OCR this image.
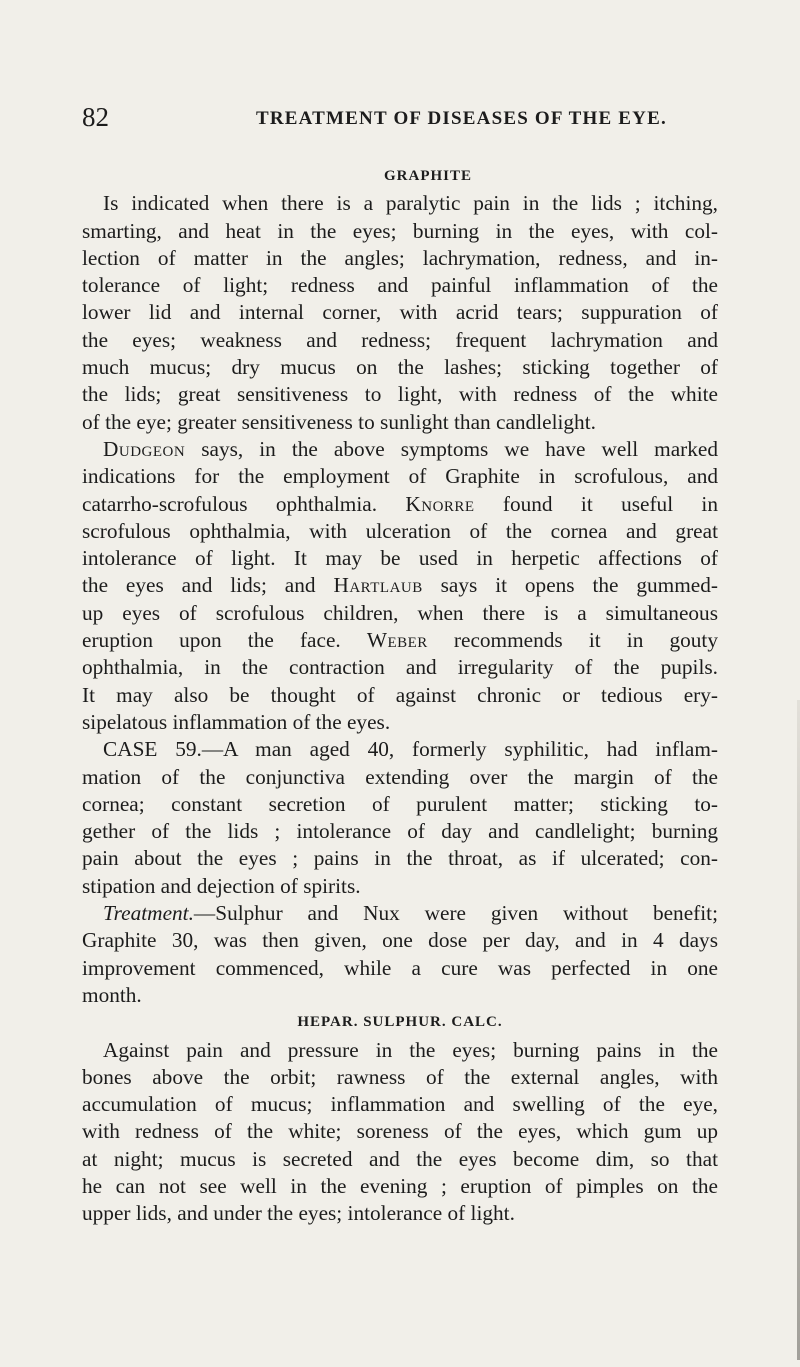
82	TREATMENT OF DISEASES OF THE EYE.
GRAPHITE
Is indicated when there is a paralytic pain in the lids ; itching,
smarting, and heat in the eyes; burning in the eyes, with col-
lection of matter in the angles; lachrymation, redness, and in-
tolerance of light; redness and painful inflammation of the
lower lid and internal corner, with acrid tears; suppuration of
the eyes; weakness and redness; frequent lachrymation and
much mucus; dry mucus on the lashes; sticking together of
the lids; great sensitiveness to light, with redness of the white
of the eye; greater sensitiveness to sunlight than candlelight.
Dudgeon says, in the above symptoms we have well marked
indications for the employment of Graphite in scrofulous, and
catarrho-scrofulous ophthalmia. Knorre found it useful in
scrofulous ophthalmia, with ulceration of the cornea and great
intolerance of light. It may be used in herpetic affections of
the eyes and lids; and Hartlaub says it opens the gummed-
up eyes of scrofulous children, when there is a simultaneous
eruption upon the face. Weber recommends it in gouty
ophthalmia, in the contraction and irregularity of the pupils.
It may also be thought of against chronic or tedious ery-
sipelatous inflammation of the eyes.
CASE 59.—A man aged 40, formerly syphilitic, had inflam-
mation of the conjunctiva extending over the margin of the
cornea; constant secretion of purulent matter; sticking to-
gether of the lids ; intolerance of day and candlelight; burning
pain about the eyes ; pains in the throat, as if ulcerated; con-
stipation and dejection of spirits.
Treatment.—Sulphur and Nux were given without benefit;
Graphite 30, was then given, one dose per day, and in 4 days
improvement commenced, while a cure was perfected in one
month.
HEPAR. SULPHUR. CALC.
Against pain and pressure in the eyes; burning pains in the
bones above the orbit; rawness of the external angles, with
accumulation of mucus; inflammation and swelling of the eye,
with redness of the white; soreness of the eyes, which gum up
at night; mucus is secreted and the eyes become dim, so that
he can not see well in the evening ; eruption of pimples on the
upper lids, and under the eyes; intolerance of light.
